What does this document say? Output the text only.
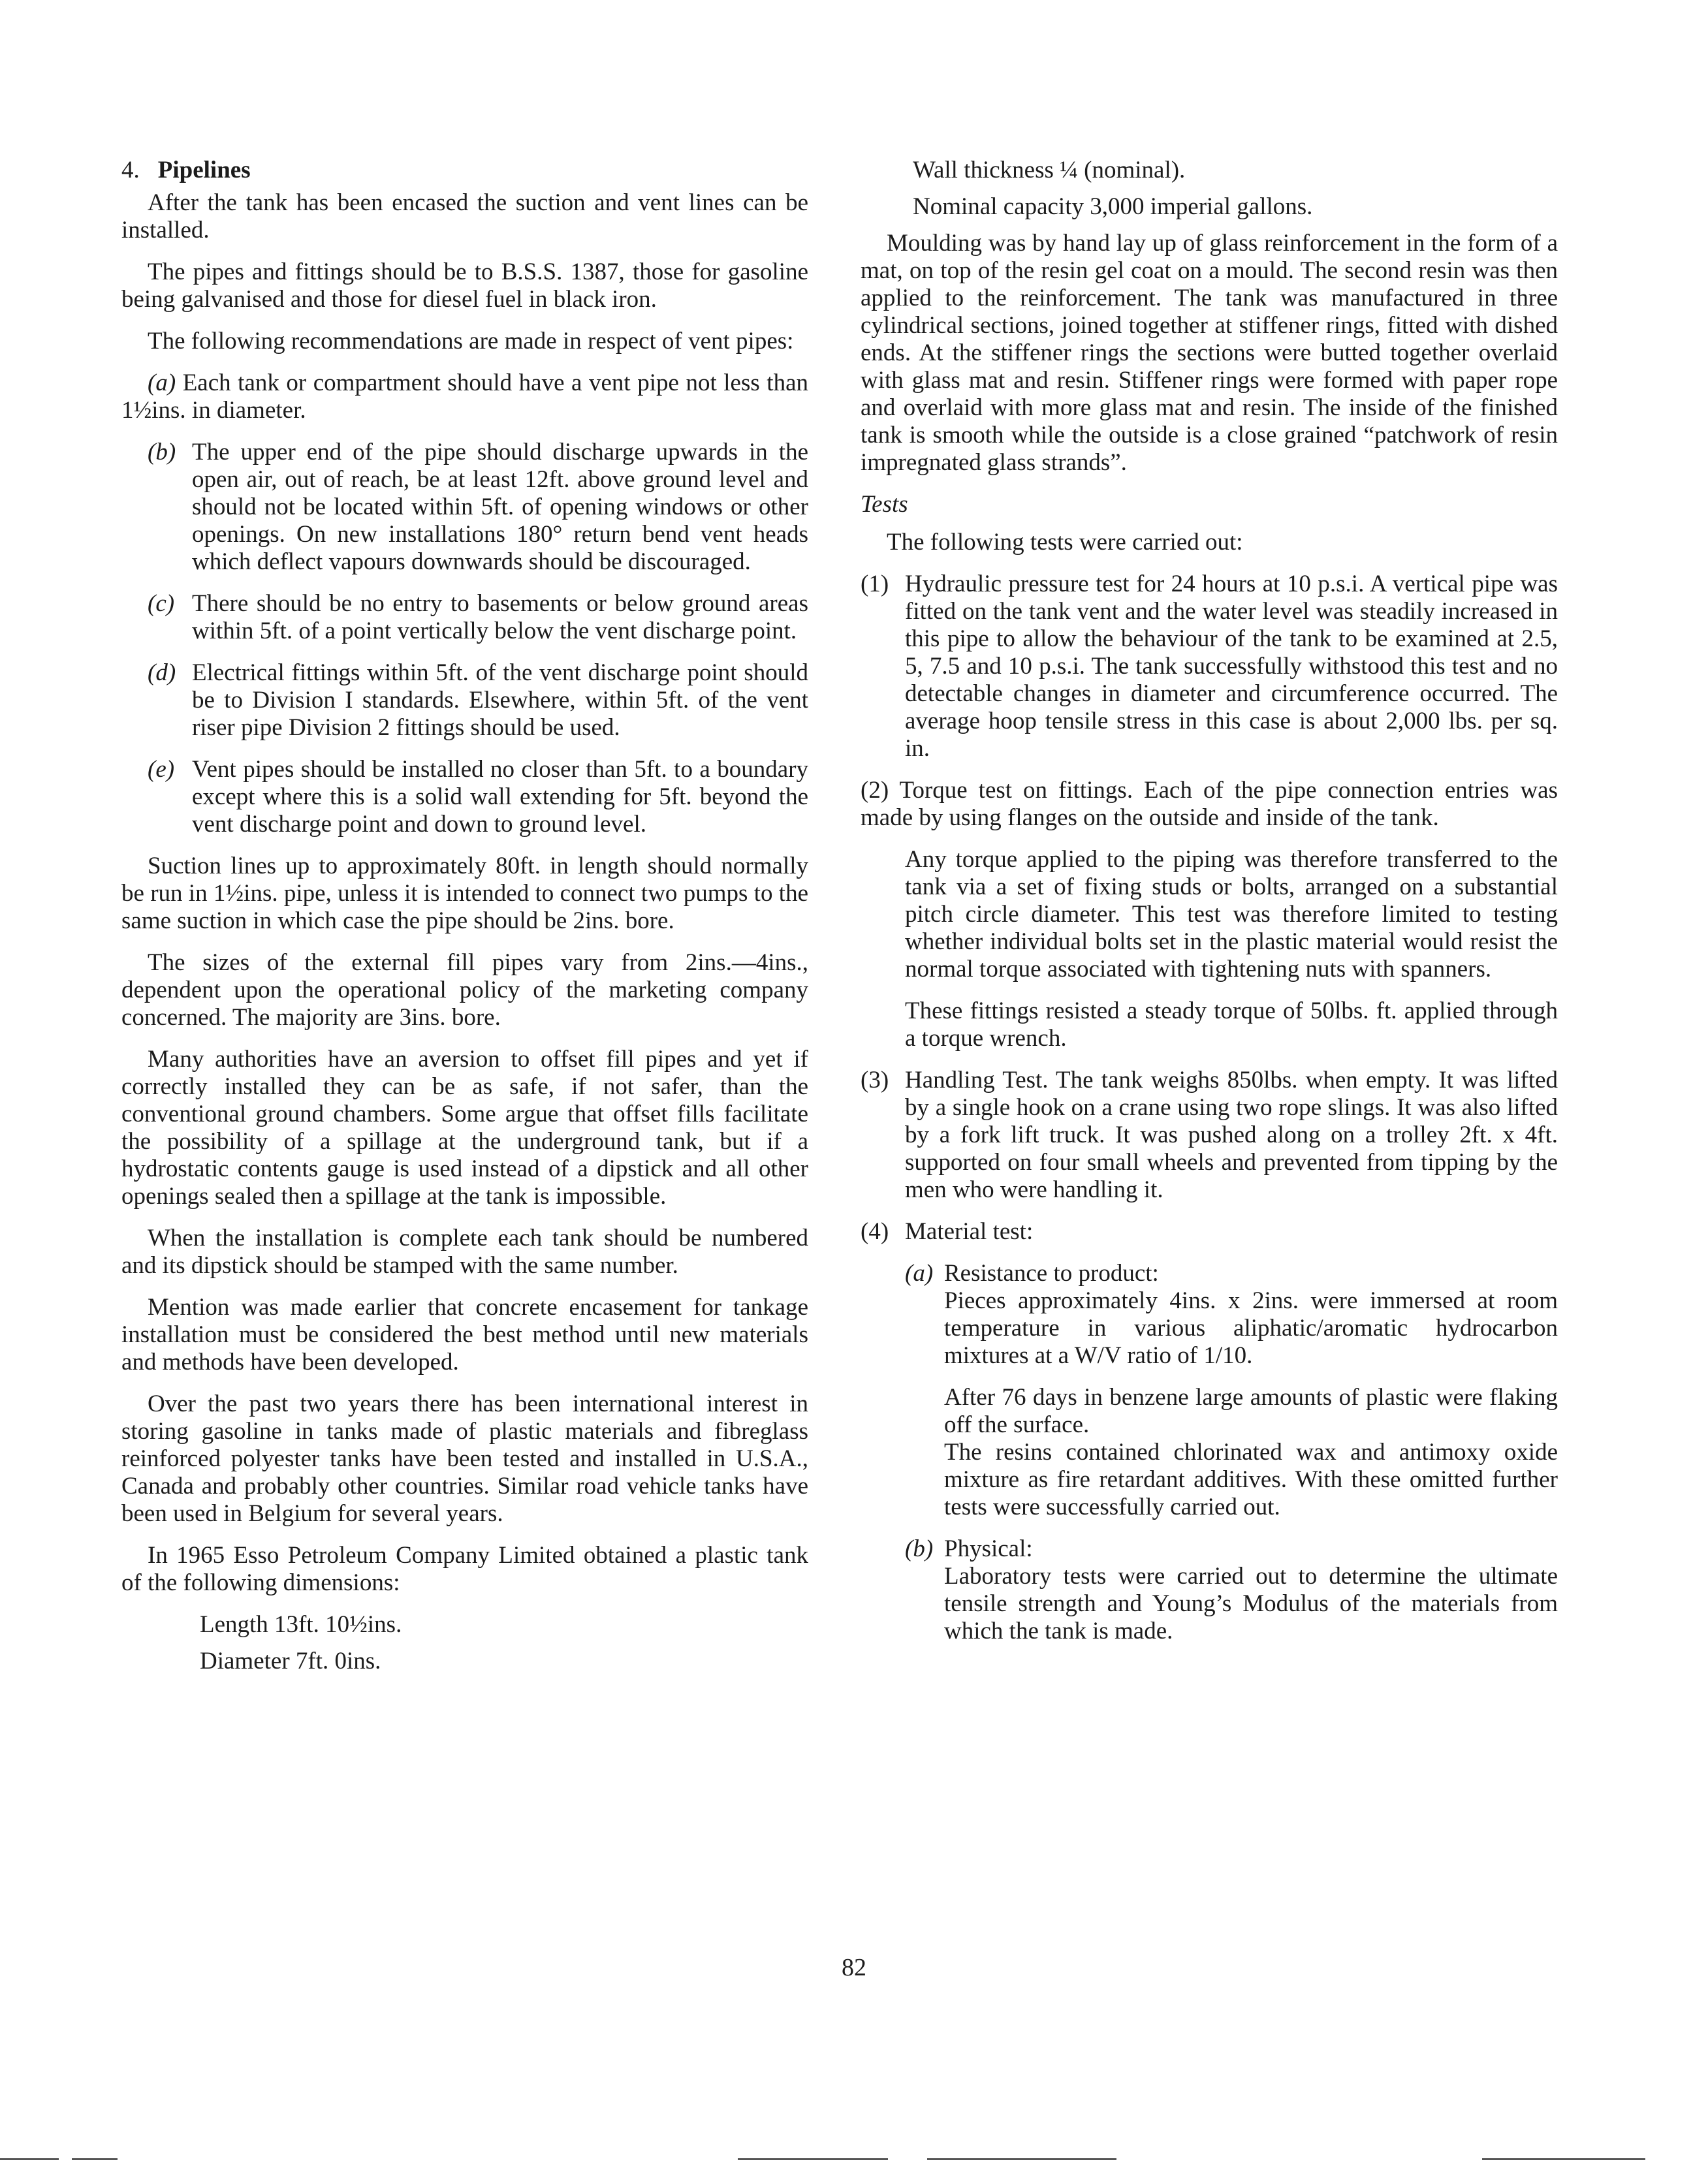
4. Pipelines

After the tank has been encased the suction and vent lines can be installed.

The pipes and fittings should be to B.S.S. 1387, those for gasoline being galvanised and those for diesel fuel in black iron.

The following recommendations are made in respect of vent pipes:

(a) Each tank or compartment should have a vent pipe not less than 1½ins. in diameter.

(b) The upper end of the pipe should discharge upwards in the open air, out of reach, be at least 12ft. above ground level and should not be located within 5ft. of opening windows or other openings. On new installations 180° return bend vent heads which deflect vapours downwards should be discouraged.
(c) There should be no entry to basements or below ground areas within 5ft. of a point vertically below the vent discharge point.
(d) Electrical fittings within 5ft. of the vent discharge point should be to Division I standards. Elsewhere, within 5ft. of the vent riser pipe Division 2 fittings should be used.
(e) Vent pipes should be installed no closer than 5ft. to a boundary except where this is a solid wall extending for 5ft. beyond the vent discharge point and down to ground level.

Suction lines up to approximately 80ft. in length should normally be run in 1½ins. pipe, unless it is intended to connect two pumps to the same suction in which case the pipe should be 2ins. bore.

The sizes of the external fill pipes vary from 2ins.—4ins., dependent upon the operational policy of the marketing company concerned. The majority are 3ins. bore.

Many authorities have an aversion to offset fill pipes and yet if correctly installed they can be as safe, if not safer, than the conventional ground chambers. Some argue that offset fills facilitate the possibility of a spillage at the underground tank, but if a hydrostatic contents gauge is used instead of a dipstick and all other openings sealed then a spillage at the tank is impossible.

When the installation is complete each tank should be numbered and its dipstick should be stamped with the same number.

Mention was made earlier that concrete encasement for tankage installation must be considered the best method until new materials and methods have been developed.

Over the past two years there has been international interest in storing gasoline in tanks made of plastic materials and fibreglass reinforced polyester tanks have been tested and installed in U.S.A., Canada and probably other countries. Similar road vehicle tanks have been used in Belgium for several years.

In 1965 Esso Petroleum Company Limited obtained a plastic tank of the following dimensions:

Length 13ft. 10½ins.
Diameter 7ft. 0ins.
Wall thickness ¼ (nominal).
Nominal capacity 3,000 imperial gallons.

Moulding was by hand lay up of glass reinforcement in the form of a mat, on top of the resin gel coat on a mould. The second resin was then applied to the reinforcement. The tank was manufactured in three cylindrical sections, joined together at stiffener rings, fitted with dished ends. At the stiffener rings the sections were butted together overlaid with glass mat and resin. Stiffener rings were formed with paper rope and overlaid with more glass mat and resin. The inside of the finished tank is smooth while the outside is a close grained “patchwork of resin impregnated glass strands”.

Tests

The following tests were carried out:

(1) Hydraulic pressure test for 24 hours at 10 p.s.i. A vertical pipe was fitted on the tank vent and the water level was steadily increased in this pipe to allow the behaviour of the tank to be examined at 2.5, 5, 7.5 and 10 p.s.i. The tank successfully withstood this test and no detectable changes in diameter and circumference occurred. The average hoop tensile stress in this case is about 2,000 lbs. per sq. in.

(2) Torque test on fittings. Each of the pipe connection entries was made by using flanges on the outside and inside of the tank.

Any torque applied to the piping was therefore transferred to the tank via a set of fixing studs or bolts, arranged on a substantial pitch circle diameter. This test was therefore limited to testing whether individual bolts set in the plastic material would resist the normal torque associated with tightening nuts with spanners.
These fittings resisted a steady torque of 50lbs. ft. applied through a torque wrench.
(3) Handling Test. The tank weighs 850lbs. when empty. It was lifted by a single hook on a crane using two rope slings. It was also lifted by a fork lift truck. It was pushed along on a trolley 2ft. x 4ft. supported on four small wheels and prevented from tipping by the men who were handling it.
(4) Material test:
(a) Resistance to product:
Pieces approximately 4ins. x 2ins. were immersed at room temperature in various aliphatic/aromatic hydrocarbon mixtures at a W/V ratio of 1/10.
After 76 days in benzene large amounts of plastic were flaking off the surface.
The resins contained chlorinated wax and antimoxy oxide mixture as fire retardant additives. With these omitted further tests were successfully carried out.
(b) Physical:
Laboratory tests were carried out to determine the ultimate tensile strength and Young’s Modulus of the materials from which the tank is made.
82
